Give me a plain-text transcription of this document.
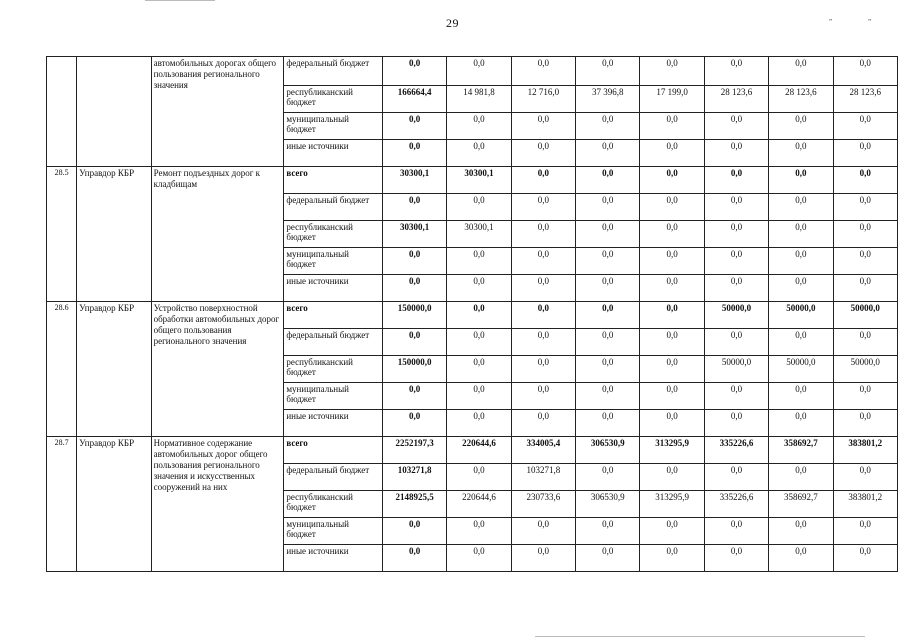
29	„	„
		автомобильных дорогах общего пользования регионального значения	федеральный бюджет	0,0	0,0	0,0	0,0	0,0	0,0	0,0	0,0
			республиканский бюджет	166664,4	14 981,8	12 716,0	37 396,8	17 199,0	28 123,6	28 123,6	28 123,6
			муниципальный бюджет	0,0	0,0	0,0	0,0	0,0	0,0	0,0	0,0
			иные источники	0,0	0,0	0,0	0,0	0,0	0,0	0,0	0,0
28.5	Управдор КБР	Ремонт подъездных дорог к кладбищам	всего	30300,1	30300,1	0,0	0,0	0,0	0,0	0,0	0,0
			федеральный бюджет	0,0	0,0	0,0	0,0	0,0	0,0	0,0	0,0
			республиканский бюджет	30300,1	30300,1	0,0	0,0	0,0	0,0	0,0	0,0
			муниципальный бюджет	0,0	0,0	0,0	0,0	0,0	0,0	0,0	0,0
			иные источники	0,0	0,0	0,0	0,0	0,0	0,0	0,0	0,0
28.6	Управдор КБР	Устройство поверхностной обработки автомобильных дорог общего пользования регионального значения	всего	150000,0	0,0	0,0	0,0	0,0	50000,0	50000,0	50000,0
			федеральный бюджет	0,0	0,0	0,0	0,0	0,0	0,0	0,0	0,0
			республиканский бюджет	150000,0	0,0	0,0	0,0	0,0	50000,0	50000,0	50000,0
			муниципальный бюджет	0,0	0,0	0,0	0,0	0,0	0,0	0,0	0,0
			иные источники	0,0	0,0	0,0	0,0	0,0	0,0	0,0	0,0
28.7	Управдор КБР	Нормативное содержание автомобильных дорог общего пользования регионального значения и искусственных сооружений на них	всего	2252197,3	220644,6	334005,4	306530,9	313295,9	335226,6	358692,7	383801,2
			федеральный бюджет	103271,8	0,0	103271,8	0,0	0,0	0,0	0,0	0,0
			республиканский бюджет	2148925,5	220644,6	230733,6	306530,9	313295,9	335226,6	358692,7	383801,2
			муниципальный бюджет	0,0	0,0	0,0	0,0	0,0	0,0	0,0	0,0
			иные источники	0,0	0,0	0,0	0,0	0,0	0,0	0,0	0,0
